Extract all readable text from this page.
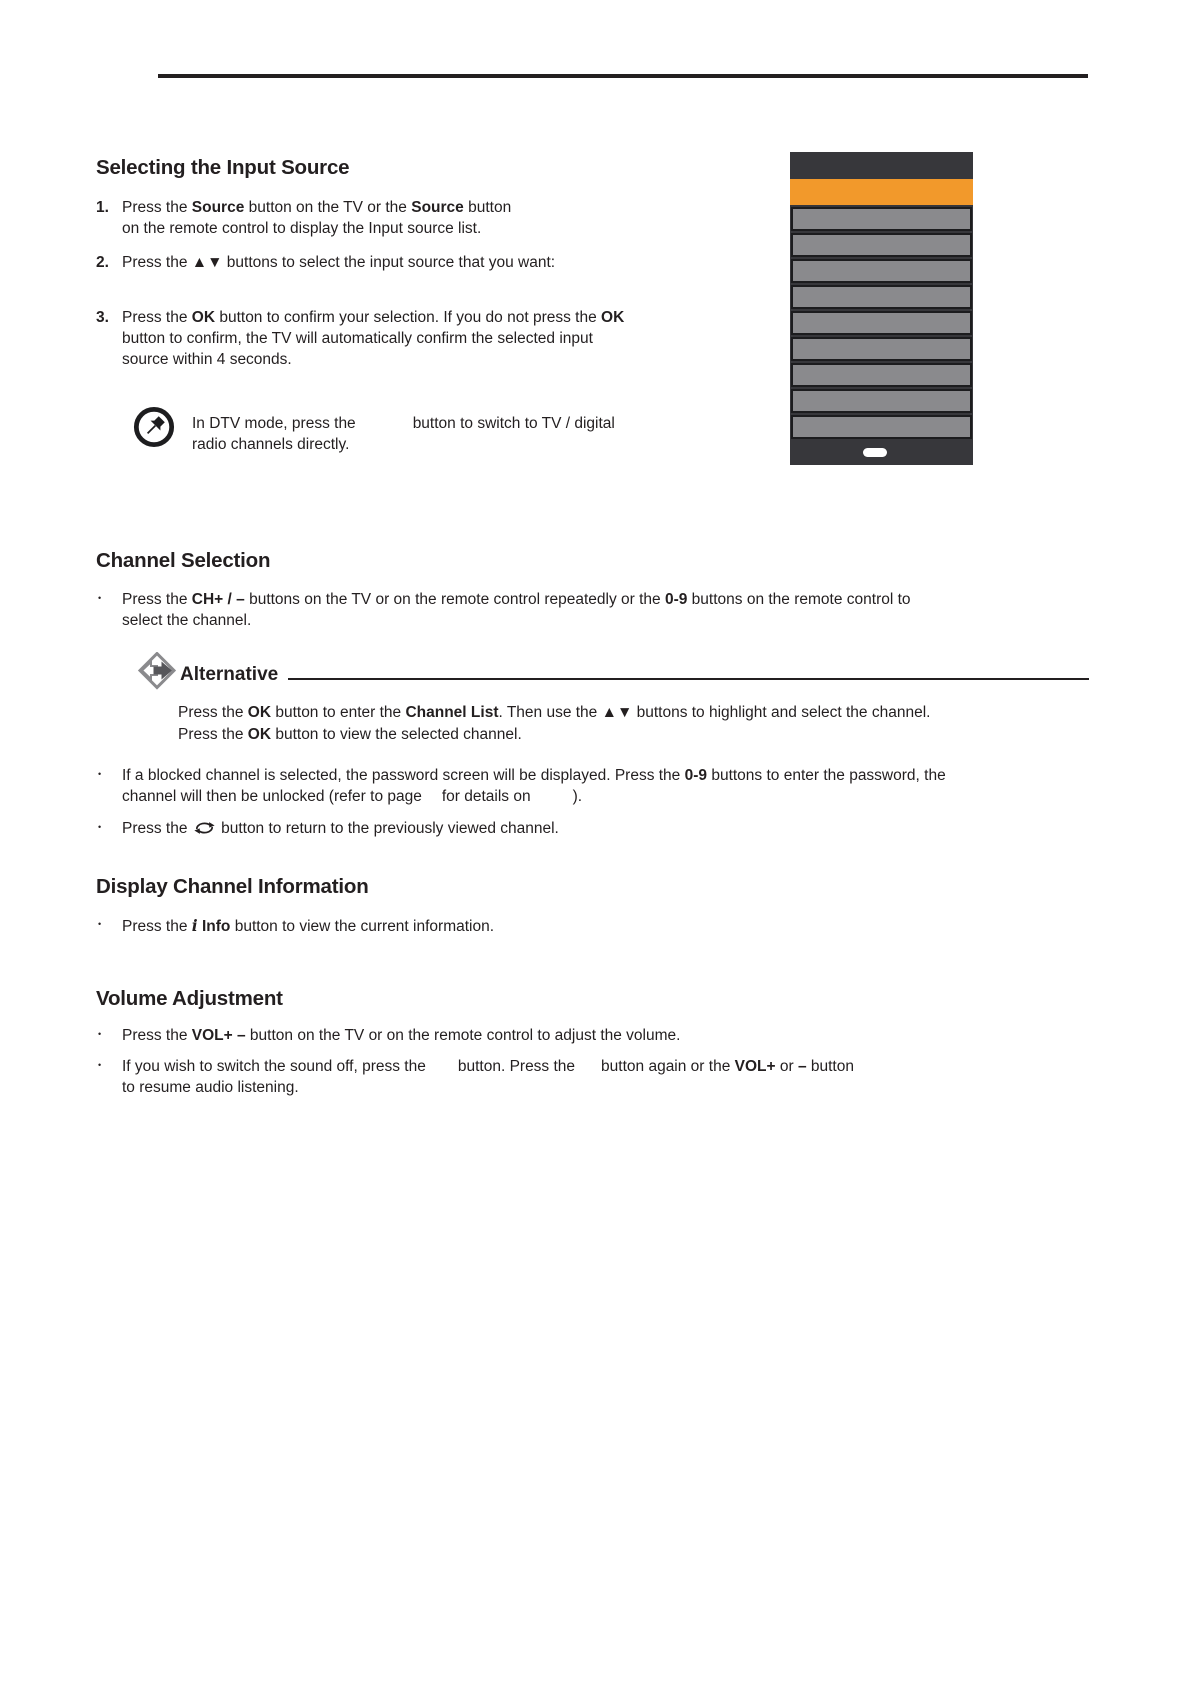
Selecting the Input Source
1. Press the Source button on the TV or the Source button
on the remote control to display the Input source list.
2. Press the ▲▼ buttons to select the input source that you want:
3. Press the OK button to confirm your selection. If you do not press the OK
button to confirm, the TV will automatically confirm the selected input
source within 4 seconds.
In DTV mode, press the	button to switch to TV / digital
radio channels directly.
Channel Selection
• Press the CH+ / – buttons on the TV or on the remote control repeatedly or the 0-9 buttons on the remote control to
select the channel.
Alternative
Press the OK button to enter the Channel List. Then use the ▲▼ buttons to highlight and select the channel.
Press the OK button to view the selected channel.
• If a blocked channel is selected, the password screen will be displayed. Press the 0-9 buttons to enter the password, the
channel will then be unlocked (refer to page for details on	).
• Press the  button to return to the previously viewed channel.
Display Channel Information
• Press the i Info button to view the current information.
Volume Adjustment
• Press the VOL+ – button on the TV or on the remote control to adjust the volume.
• If you wish to switch the sound off, press the button. Press the button again or the VOL+ or – button
to resume audio listening.
